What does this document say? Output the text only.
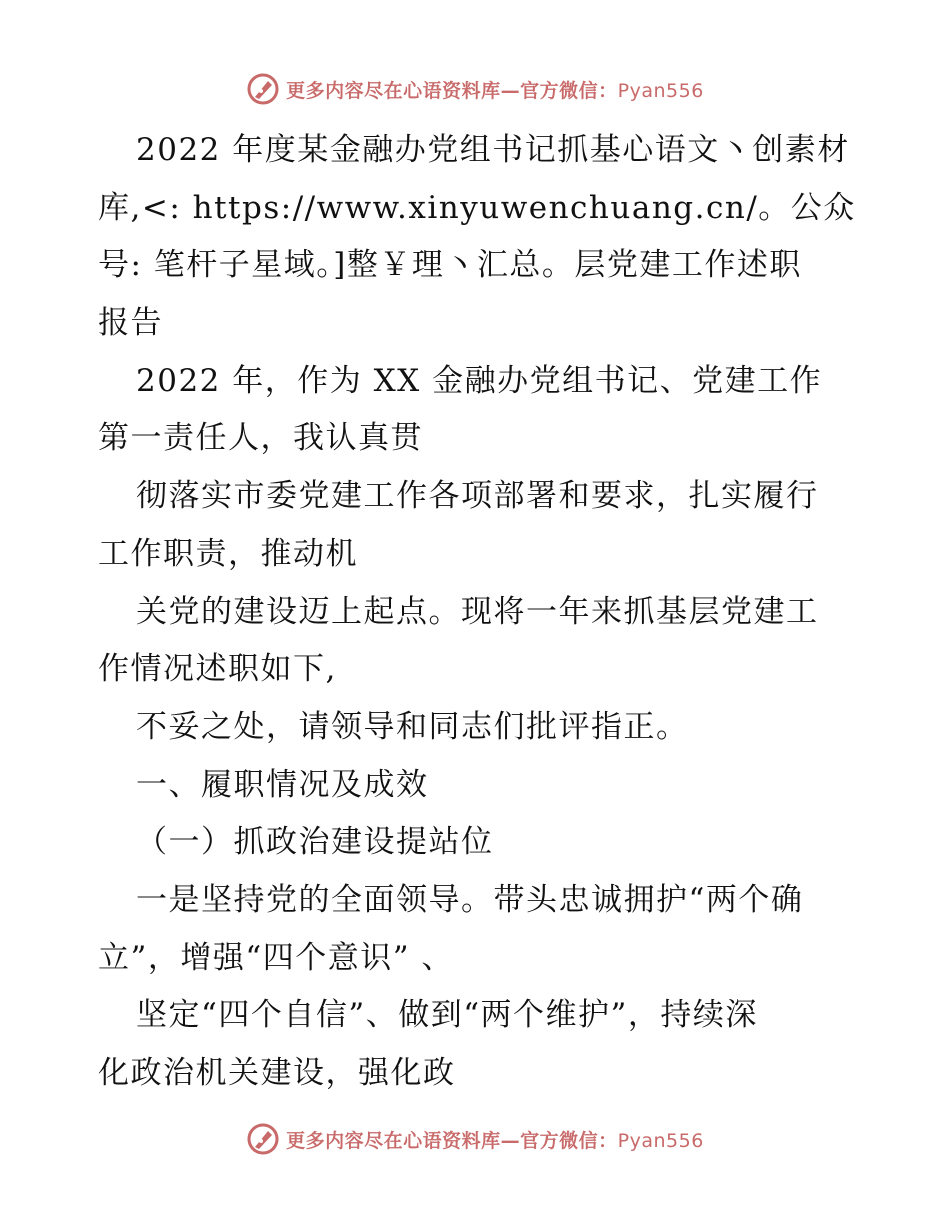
更多内容尽在心语资料库—官方微信：Pyan556
2022 年度某金融办党组书记抓基心语文丶创素材
库,<: https://www.xinyuwenchuang.cn/。公众
号: 笔杆子星域。]整￥理丶汇总。层党建工作述职
报告
2022 年，作为 XX 金融办党组书记、党建工作
第一责任人，我认真贯
彻落实市委党建工作各项部署和要求，扎实履行
工作职责，推动机
关党的建设迈上起点。现将一年来抓基层党建工
作情况述职如下,
不妥之处，请领导和同志们批评指正。
一、履职情况及成效
（一）抓政治建设提站位
一是坚持党的全面领导。带头忠诚拥护“两个确
立”，增强“四个意识” 、
坚定“四个自信”、做到“两个维护”，持续深
化政治机关建设，强化政
更多内容尽在心语资料库—官方微信：Pyan556
